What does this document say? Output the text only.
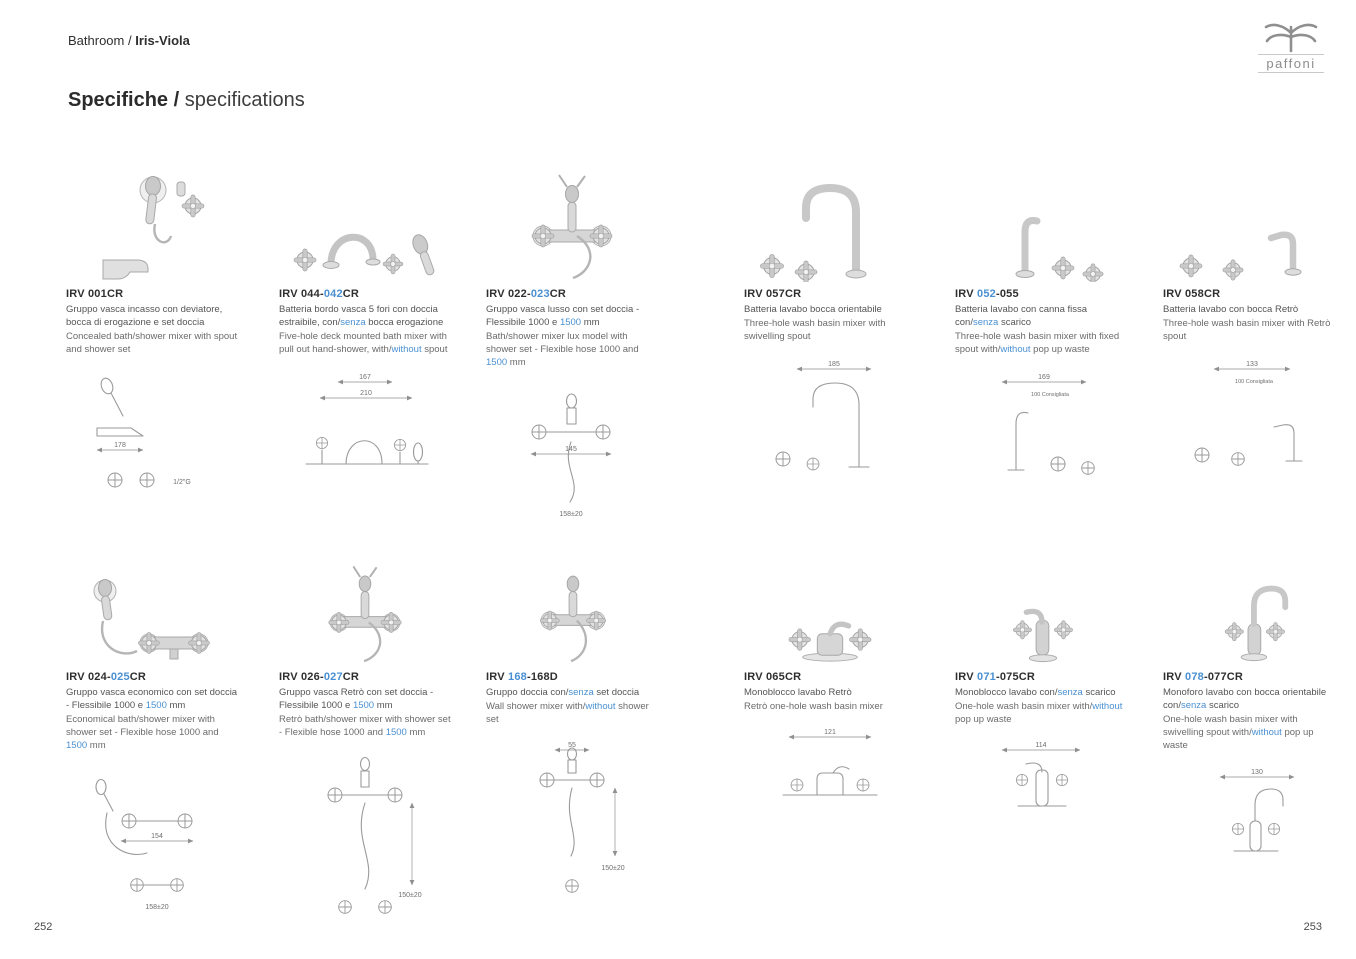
Bathroom / Iris-Viola
paffoni
Specifiche / specifications
IRV 001CR

Gruppo vasca incasso con deviatore, bocca di erogazione e set doccia

Concealed bath/shower mixer with spout and shower set

178
1/2"G
IRV 044-042CR

Batteria bordo vasca 5 fori con doccia estraibile, con/senza bocca erogazione

Five-hole deck mounted bath mixer with pull out hand-shower, with/without spout

167
210
IRV 022-023CR

Gruppo vasca lusso con set doccia - Flessibile 1000 e 1500 mm

Bath/shower mixer lux model with shower set - Flexible hose 1000 and 1500 mm

145
158±20
IRV 057CR

Batteria lavabo bocca orientabile

Three-hole wash basin mixer with swivelling spout

185
IRV 052-055

Batteria lavabo con canna fissa con/senza scarico

Three-hole wash basin mixer with fixed spout with/without pop up waste

169
100 Consigliata
IRV 058CR

Batteria lavabo con bocca Retrò

Three-hole wash basin mixer with Retrò spout

133
100 Consigliata
IRV 024-025CR

Gruppo vasca economico con set doccia - Flessibile 1000 e 1500 mm

Economical bath/shower mixer with shower set - Flexible hose 1000 and 1500 mm

154
158±20
IRV 026-027CR

Gruppo vasca Retrò con set doccia - Flessibile 1000 e 1500 mm

Retrò bath/shower mixer with shower set - Flexible hose 1000 and 1500 mm

150±20
IRV 168-168D

Gruppo doccia con/senza set doccia

Wall shower mixer with/without shower set

55
150±20
IRV 065CR

Monoblocco lavabo Retrò

Retrò one-hole wash basin mixer

121
IRV 071-075CR

Monoblocco lavabo con/senza scarico

One-hole wash basin mixer with/without pop up waste

114
IRV 078-077CR

Monoforo lavabo con bocca orientabile con/senza scarico

One-hole wash basin mixer with swivelling spout with/without pop up waste

130
252	253
